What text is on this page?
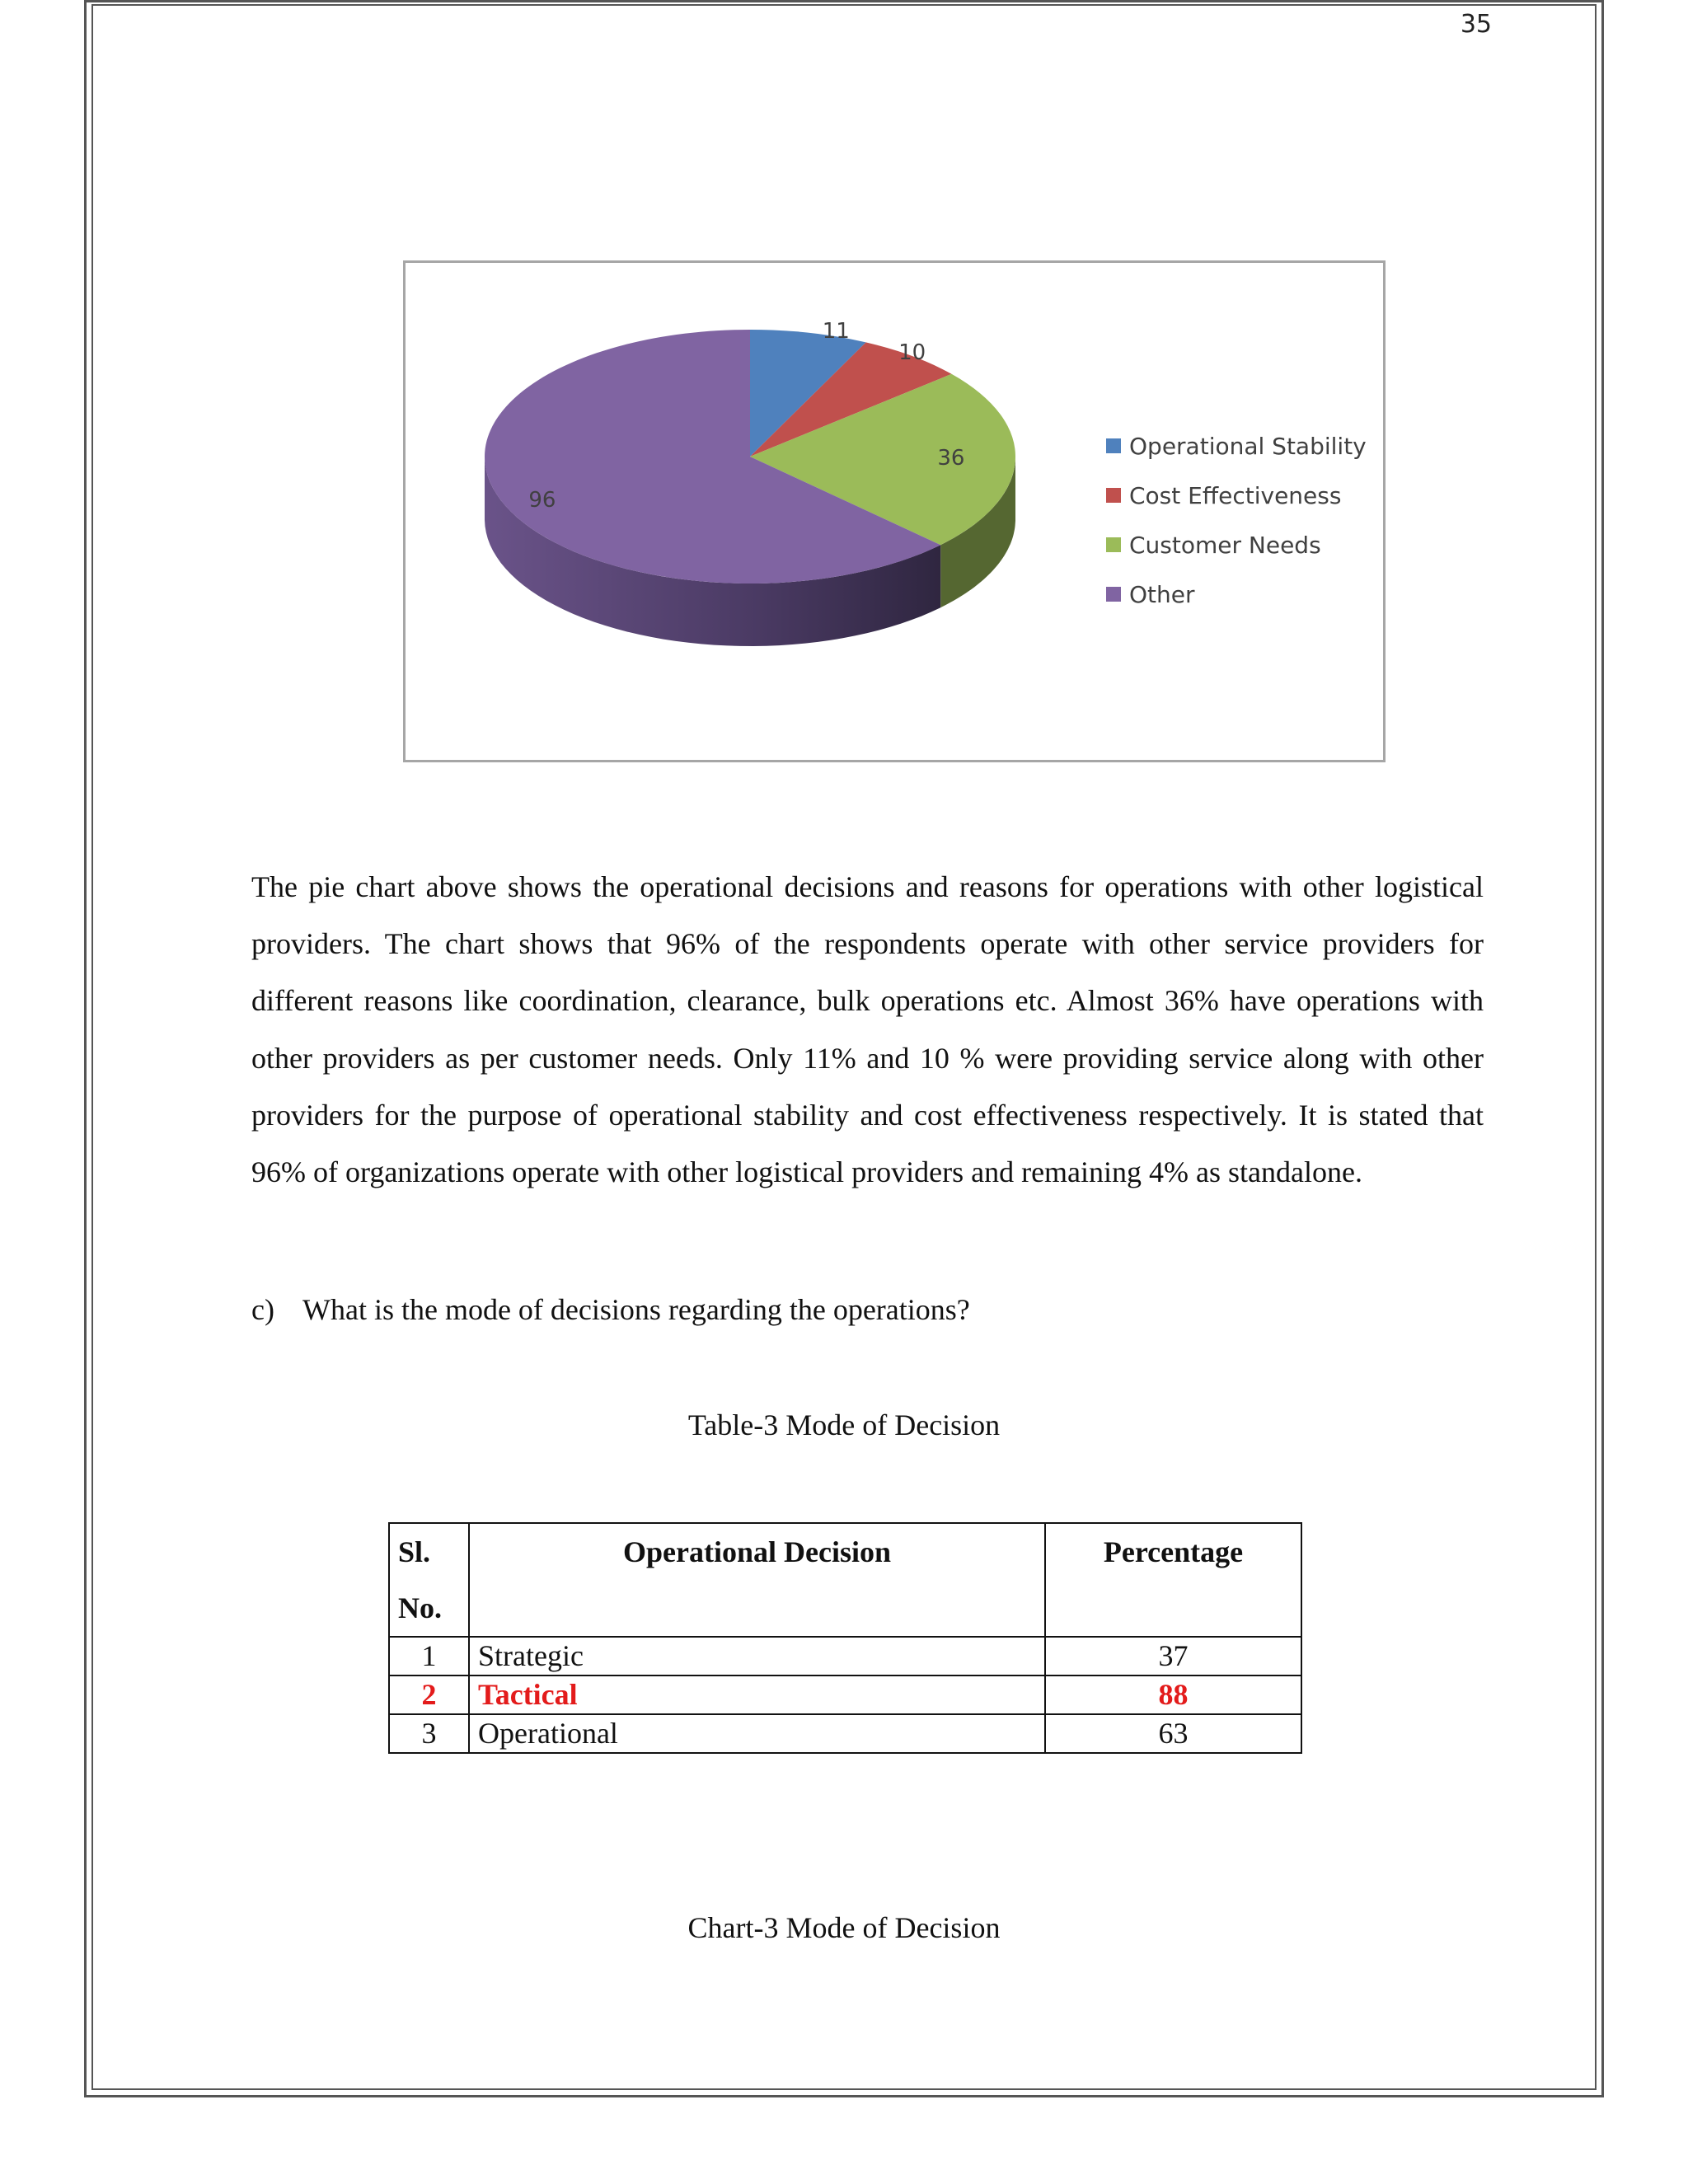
35
11
10
36
96
Operational Stability
Cost Effectiveness
Customer Needs
Other
The pie chart above shows the operational decisions and reasons for operations with other logistical providers. The chart shows that 96% of the respondents operate with other service providers for different reasons like coordination, clearance, bulk operations etc. Almost 36% have operations with other providers as per customer needs. Only 11% and 10 % were providing service along with other providers for the purpose of operational stability and cost effectiveness respectively. It is stated that 96% of organizations operate with other logistical providers and remaining 4% as standalone.
c) What is the mode of decisions regarding the operations?
Table-3 Mode of Decision
Sl.
No.	Operational Decision	Percentage
1	Strategic	37
2	Tactical	88
3	Operational	63
Chart-3 Mode of Decision
